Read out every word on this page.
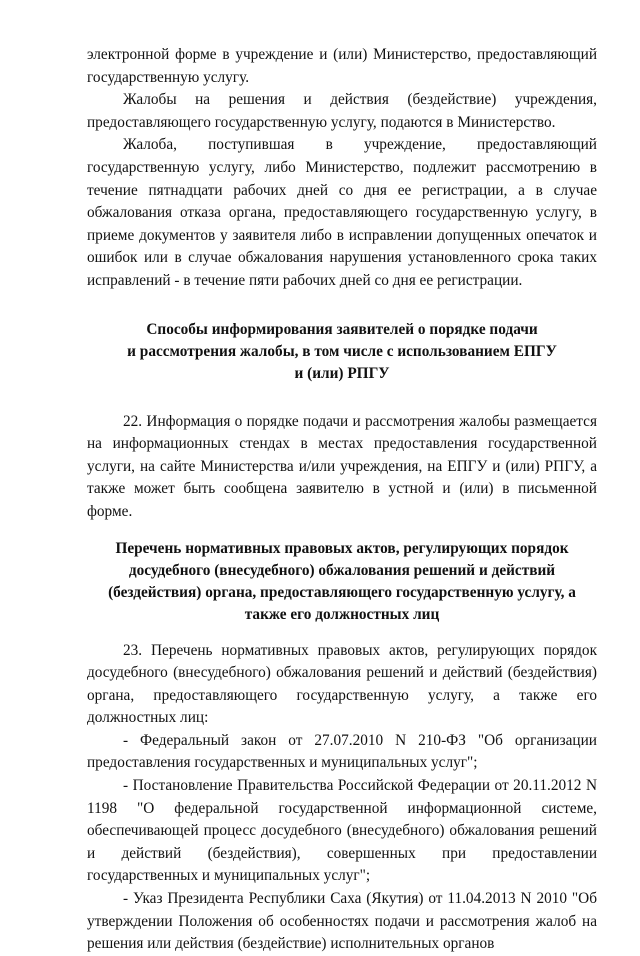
электронной форме в учреждение и (или) Министерство, предоставляющий государственную услугу.

Жалобы на решения и действия (бездействие) учреждения, предоставляющего государственную услугу, подаются в Министерство.

Жалоба, поступившая в учреждение, предоставляющий государственную услугу, либо Министерство, подлежит рассмотрению в течение пятнадцати рабочих дней со дня ее регистрации, а в случае обжалования отказа органа, предоставляющего государственную услугу, в приеме документов у заявителя либо в исправлении допущенных опечаток и ошибок или в случае обжалования нарушения установленного срока таких исправлений - в течение пяти рабочих дней со дня ее регистрации.

Способы информирования заявителей о порядке подачи
и рассмотрения жалобы, в том числе с использованием ЕПГУ
и (или) РПГУ

22. Информация о порядке подачи и рассмотрения жалобы размещается на информационных стендах в местах предоставления государственной услуги, на сайте Министерства и/или учреждения, на ЕПГУ и (или) РПГУ, а также может быть сообщена заявителю в устной и (или) в письменной форме.

Перечень нормативных правовых актов, регулирующих порядок
досудебного (внесудебного) обжалования решений и действий
(бездействия) органа, предоставляющего государственную услугу, а
также его должностных лиц

23. Перечень нормативных правовых актов, регулирующих порядок досудебного (внесудебного) обжалования решений и действий (бездействия) органа, предоставляющего государственную услугу, а также его должностных лиц:

- Федеральный закон от 27.07.2010 N 210-ФЗ "Об организации предоставления государственных и муниципальных услуг";

- Постановление Правительства Российской Федерации от 20.11.2012 N 1198 "О федеральной государственной информационной системе, обеспечивающей процесс досудебного (внесудебного) обжалования решений и действий (бездействия), совершенных при предоставлении государственных и муниципальных услуг";

- Указ Президента Республики Саха (Якутия) от 11.04.2013 N 2010 "Об утверждении Положения об особенностях подачи и рассмотрения жалоб на решения или действия (бездействие) исполнительных органов
